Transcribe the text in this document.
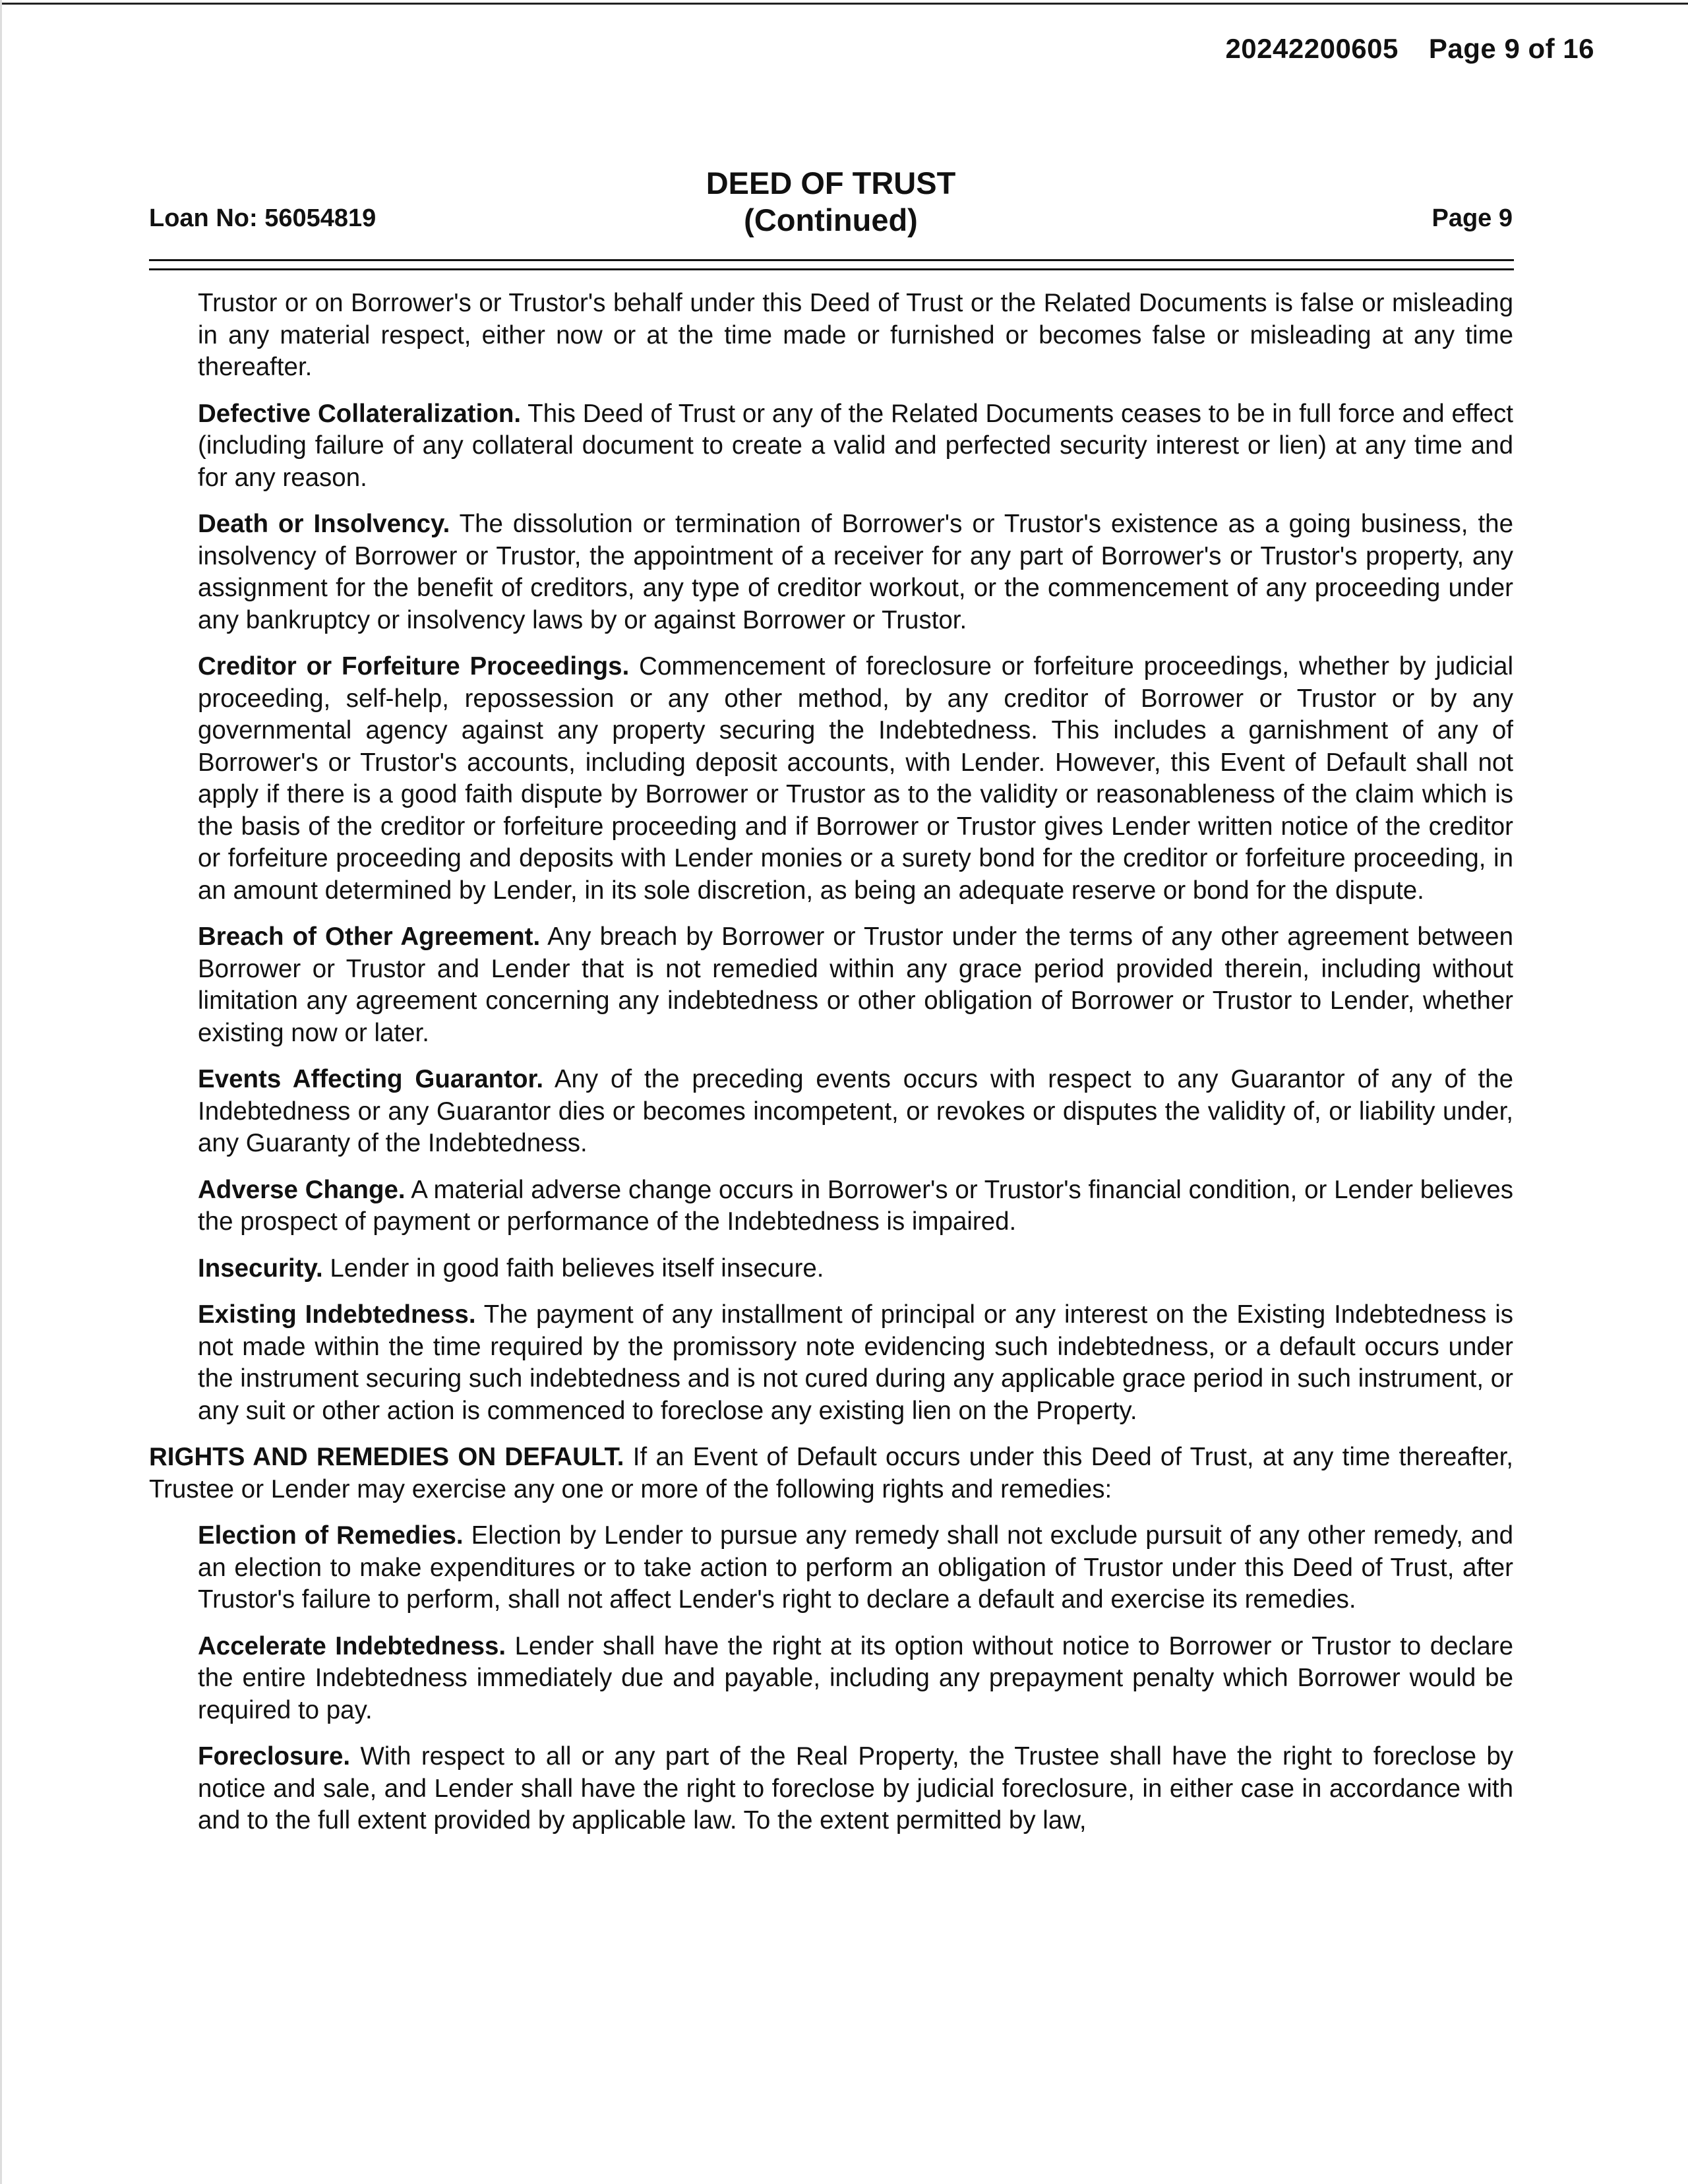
20242200605 Page 9 of 16
DEED OF TRUST
(Continued)
Loan No: 56054819	Page 9

Trustor or on Borrower's or Trustor's behalf under this Deed of Trust or the Related Documents is false or misleading in any material respect, either now or at the time made or furnished or becomes false or misleading at any time thereafter.

Defective Collateralization. This Deed of Trust or any of the Related Documents ceases to be in full force and effect (including failure of any collateral document to create a valid and perfected security interest or lien) at any time and for any reason.

Death or Insolvency. The dissolution or termination of Borrower's or Trustor's existence as a going business, the insolvency of Borrower or Trustor, the appointment of a receiver for any part of Borrower's or Trustor's property, any assignment for the benefit of creditors, any type of creditor workout, or the commencement of any proceeding under any bankruptcy or insolvency laws by or against Borrower or Trustor.

Creditor or Forfeiture Proceedings. Commencement of foreclosure or forfeiture proceedings, whether by judicial proceeding, self-help, repossession or any other method, by any creditor of Borrower or Trustor or by any governmental agency against any property securing the Indebtedness. This includes a garnishment of any of Borrower's or Trustor's accounts, including deposit accounts, with Lender. However, this Event of Default shall not apply if there is a good faith dispute by Borrower or Trustor as to the validity or reasonableness of the claim which is the basis of the creditor or forfeiture proceeding and if Borrower or Trustor gives Lender written notice of the creditor or forfeiture proceeding and deposits with Lender monies or a surety bond for the creditor or forfeiture proceeding, in an amount determined by Lender, in its sole discretion, as being an adequate reserve or bond for the dispute.

Breach of Other Agreement. Any breach by Borrower or Trustor under the terms of any other agreement between Borrower or Trustor and Lender that is not remedied within any grace period provided therein, including without limitation any agreement concerning any indebtedness or other obligation of Borrower or Trustor to Lender, whether existing now or later.

Events Affecting Guarantor. Any of the preceding events occurs with respect to any Guarantor of any of the Indebtedness or any Guarantor dies or becomes incompetent, or revokes or disputes the validity of, or liability under, any Guaranty of the Indebtedness.

Adverse Change. A material adverse change occurs in Borrower's or Trustor's financial condition, or Lender believes the prospect of payment or performance of the Indebtedness is impaired.

Insecurity. Lender in good faith believes itself insecure.

Existing Indebtedness. The payment of any installment of principal or any interest on the Existing Indebtedness is not made within the time required by the promissory note evidencing such indebtedness, or a default occurs under the instrument securing such indebtedness and is not cured during any applicable grace period in such instrument, or any suit or other action is commenced to foreclose any existing lien on the Property.

RIGHTS AND REMEDIES ON DEFAULT. If an Event of Default occurs under this Deed of Trust, at any time thereafter, Trustee or Lender may exercise any one or more of the following rights and remedies:

Election of Remedies. Election by Lender to pursue any remedy shall not exclude pursuit of any other remedy, and an election to make expenditures or to take action to perform an obligation of Trustor under this Deed of Trust, after Trustor's failure to perform, shall not affect Lender's right to declare a default and exercise its remedies.

Accelerate Indebtedness. Lender shall have the right at its option without notice to Borrower or Trustor to declare the entire Indebtedness immediately due and payable, including any prepayment penalty which Borrower would be required to pay.

Foreclosure. With respect to all or any part of the Real Property, the Trustee shall have the right to foreclose by notice and sale, and Lender shall have the right to foreclose by judicial foreclosure, in either case in accordance with and to the full extent provided by applicable law. To the extent permitted by law,
